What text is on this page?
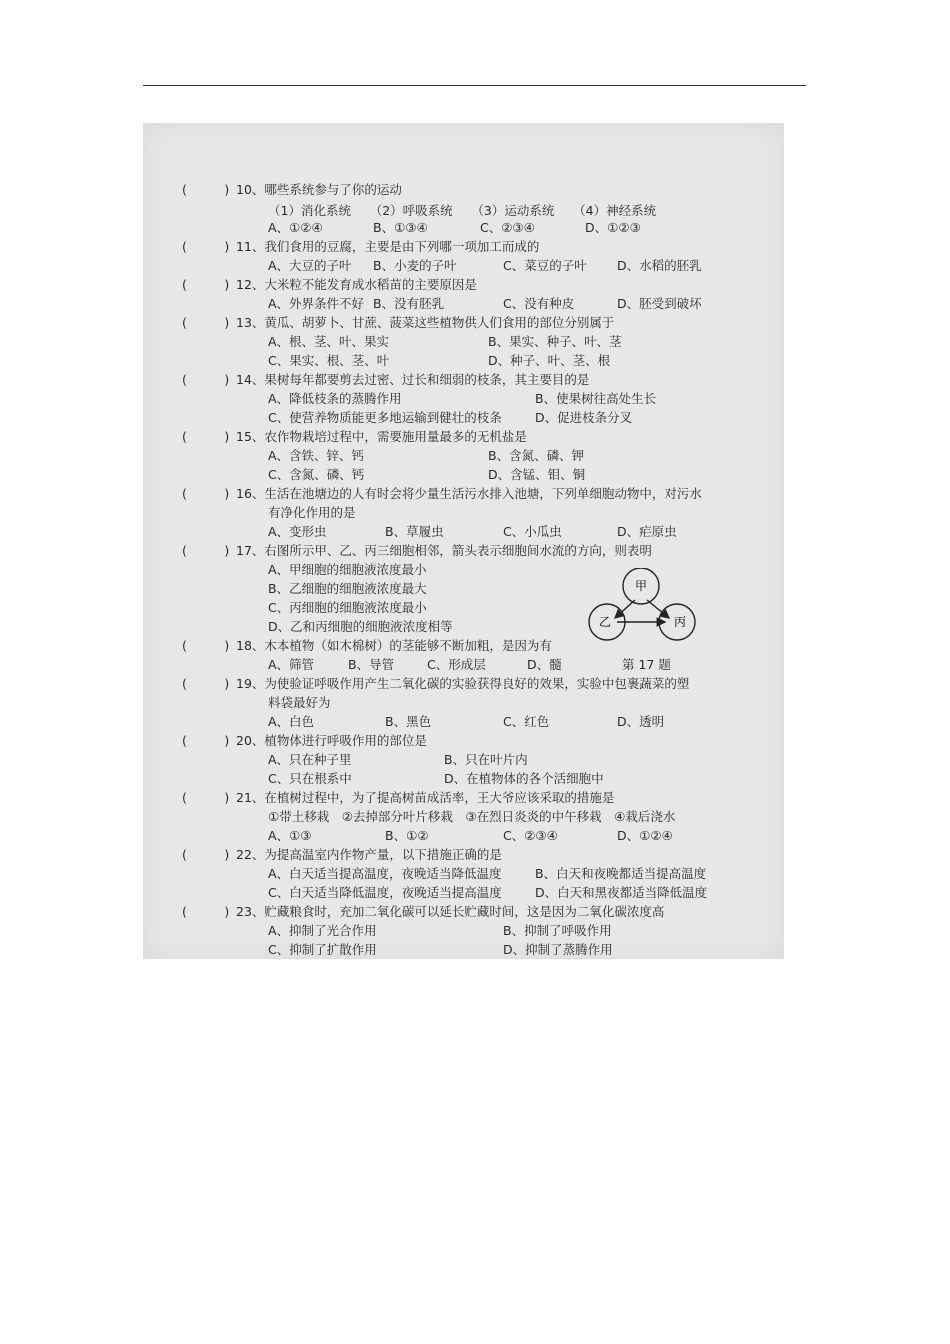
(　　　) 10、哪些系统参与了你的运动
（1）消化系统　　（2）呼吸系统　　（3）运动系统　　（4）神经系统
A、①②④	B、①③④	C、②③④	D、①②③
(　　　) 11、我们食用的豆腐，主要是由下列哪一项加工而成的
A、大豆的子叶 B、小麦的子叶	C、菜豆的子叶 D、水稻的胚乳
(　　　) 12、大米粒不能发育成水稻苗的主要原因是
A、外界条件不好 B、没有胚乳	C、没有种皮	D、胚受到破坏
(　　　) 13、黄瓜、胡萝卜、甘蔗、菠菜这些植物供人们食用的部位分别属于
A、根、茎、叶、果实	B、果实、种子、叶、茎
C、果实、根、茎、叶	D、种子、叶、茎、根
(　　　) 14、果树每年都要剪去过密、过长和细弱的枝条，其主要目的是
A、降低枝条的蒸腾作用	B、使果树往高处生长
C、使营养物质能更多地运输到健壮的枝条	D、促进枝条分叉
(　　　) 15、农作物栽培过程中，需要施用量最多的无机盐是
A、含铁、锌、钙	B、含氮、磷、钾
C、含氮、磷、钙	D、含锰、钼、铜
(　　　) 16、生活在池塘边的人有时会将少量生活污水排入池塘，下列单细胞动物中，对污水
有净化作用的是
A、变形虫	B、草履虫	C、小瓜虫	D、疟原虫
(　　　) 17、右图所示甲、乙、丙三细胞相邻，箭头表示细胞间水流的方向，则表明
A、甲细胞的细胞液浓度最小
B、乙细胞的细胞液浓度最大
C、丙细胞的细胞液浓度最小
D、乙和丙细胞的细胞液浓度相等
(　　　) 18、木本植物（如木棉树）的茎能够不断加粗，是因为有
A、筛管	B、导管	C、形成层	D、髓
(　　　) 19、为使验证呼吸作用产生二氧化碳的实验获得良好的效果，实验中包裹蔬菜的塑
料袋最好为
A、白色	B、黑色	C、红色	D、透明
(　　　) 20、植物体进行呼吸作用的部位是
A、只在种子里	B、只在叶片内
C、只在根系中	D、在植物体的各个活细胞中
(　　　) 21、在植树过程中，为了提高树苗成活率，王大爷应该采取的措施是
①带土移栽　②去掉部分叶片移栽　③在烈日炎炎的中午移栽　④栽后浇水
A、①③	B、①②	C、②③④	D、①②④
(　　　) 22、为提高温室内作物产量，以下措施正确的是
A、白天适当提高温度，夜晚适当降低温度	B、白天和夜晚都适当提高温度
C、白天适当降低温度，夜晚适当提高温度	D、白天和黑夜都适当降低温度
(　　　) 23、贮藏粮食时，充加二氧化碳可以延长贮藏时间，这是因为二氧化碳浓度高
A、抑制了光合作用	B、抑制了呼吸作用
C、抑制了扩散作用	D、抑制了蒸腾作用
甲
乙	丙
第 17 题
